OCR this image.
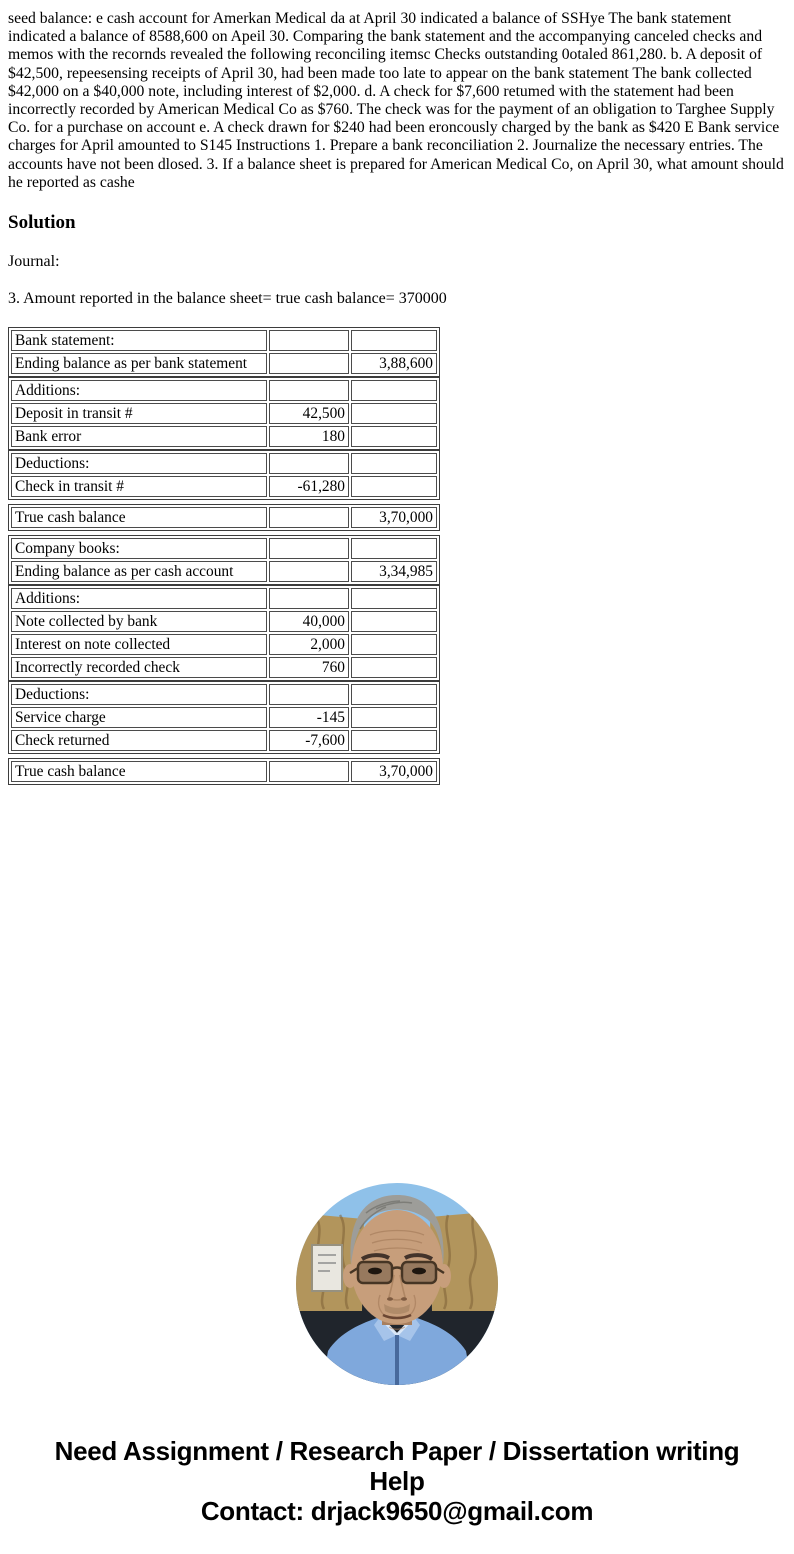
seed balance: e cash account for Amerkan Medical da at April 30 indicated a balance of SSHye The bank statement indicated a balance of 8588,600 on Apeil 30. Comparing the bank statement and the accompanying canceled checks and memos with the recornds revealed the following reconciling itemsc Checks outstanding 0otaled 861,280. b. A deposit of $42,500, repeesensing receipts of April 30, had been made too late to appear on the bank statement The bank collected $42,000 on a $40,000 note, including interest of $2,000. d. A check for $7,600 retumed with the statement had been incorrectly recorded by American Medical Co as $760. The check was for the payment of an obligation to Targhee Supply Co. for a purchase on account e. A check drawn for $240 had been eroncously charged by the bank as $420 E Bank service charges for April amounted to S145 Instructions 1. Prepare a bank reconciliation 2. Journalize the necessary entries. The accounts have not been dlosed. 3. If a balance sheet is prepared for American Medical Co, on April 30, what amount should he reported as cashe

Solution

Journal:

3. Amount reported in the balance sheet= true cash balance= 370000

Bank statement:		
Ending balance as per bank statement		3,88,600
Additions:		
Deposit in transit #	42,500	
Bank error	180	
Deductions:		
Check in transit #	-61,280	
True cash balance		3,70,000
Company books:		
Ending balance as per cash account		3,34,985
Additions:		
Note collected by bank	40,000	
Interest on note collected	2,000	
Incorrectly recorded check	760	
Deductions:		
Service charge	-145	
Check returned	-7,600	
True cash balance		3,70,000
Need Assignment / Research Paper / Dissertation writing Help
Contact: drjack9650@gmail.com
